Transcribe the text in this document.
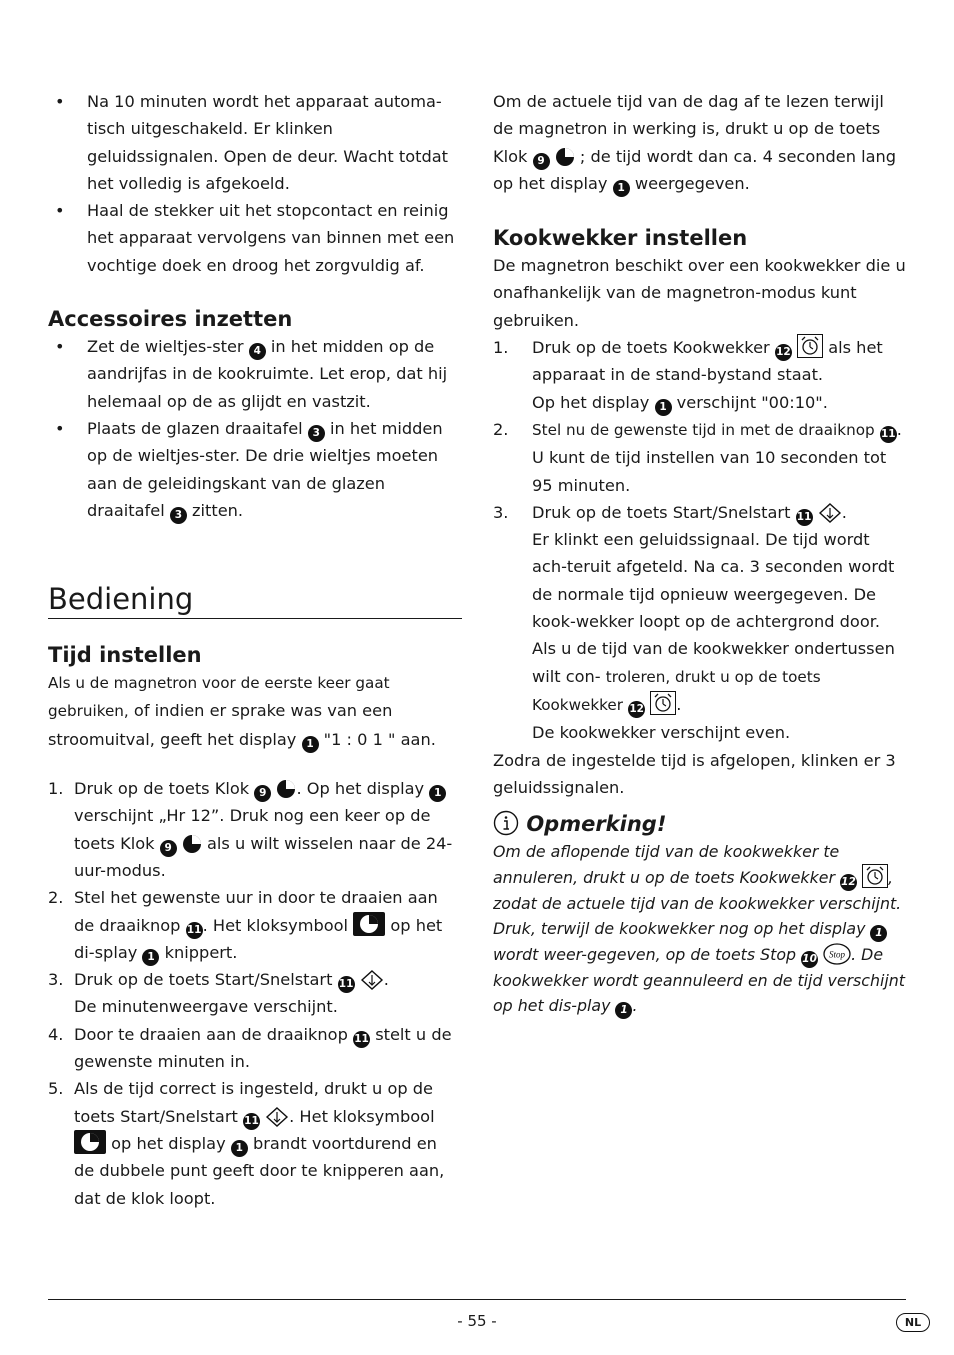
• Na 10 minuten wordt het apparaat automa-tisch uitgeschakeld. Er klinken geluidssignalen. Open de deur. Wacht totdat het volledig is afgekoeld.

• Haal de stekker uit het stopcontact en reinig het apparaat vervolgens van binnen met een vochtige doek en droog het zorgvuldig af.

Accessoires inzetten

• Zet de wieltjes-ster 4 in het midden op de aandrijfas in de kookruimte. Let erop, dat hij helemaal op de as glijdt en vastzit.

• Plaats de glazen draaitafel 3 in het midden op de wieltjes-ster. De drie wieltjes moeten aan de geleidingskant van de glazen draaitafel 3 zitten.

Bediening
Tijd instellen

Als u de magnetron voor de eerste keer gaat gebruiken, of indien er sprake was van een stroomuitval, geeft het display 1 "1 : 0 1 " aan.

1. Druk op de toets Klok 9 . Op het display 1 verschijnt „Hr 12”. Druk nog een keer op de toets Klok 9 als u wilt wisselen naar de 24-uur-modus.

2. Stel het gewenste uur in door te draaien aan de draaiknop 11. Het kloksymbool	op het di-splay 1 knippert.

3. Druk op de toets Start/Snelstart 11 .
De minutenweergave verschijnt.

4. Door te draaien aan de draaiknop 11 stelt u de gewenste minuten in.

5. Als de tijd correct is ingesteld, drukt u op de toets Start/Snelstart 11 . Het kloksymbool
op het display 1 brandt voortdurend en de dubbele punt geeft door te knipperen aan, dat de klok loopt.

Om de actuele tijd van de dag af te lezen terwijl de magnetron in werking is, drukt u op de toets Klok 9 ; de tijd wordt dan ca. 4 seconden lang op het display 1 weergegeven.

Kookwekker instellen

De magnetron beschikt over een kookwekker die u onafhankelijk van de magnetron-modus kunt gebruiken.

1. Druk op de toets Kookwekker 12 als het apparaat in de stand-bystand staat.
Op het display 1 verschijnt "00:10".

2. Stel nu de gewenste tijd in met de draaiknop 11.
U kunt de tijd instellen van 10 seconden tot 95 minuten.

3. Druk op de toets Start/Snelstart 11 .
Er klinkt een geluidssignaal. De tijd wordt ach-teruit afgeteld. Na ca. 3 seconden wordt de normale tijd opnieuw weergegeven. De kook-wekker loopt op de achtergrond door. Als u de tijd van de kookwekker ondertussen wilt con- troleren, drukt u op de toets Kookwekker 12 .
De kookwekker verschijnt even.

Zodra de ingestelde tijd is afgelopen, klinken er 3 geluidssignalen.

Opmerking!

Om de aflopende tijd van de kookwekker te annuleren, drukt u op de toets Kookwekker 12 , zodat de actuele tijd van de kookwekker verschijnt. Druk, terwijl de kookwekker nog op het display 1 wordt weer-gegeven, op de toets Stop 10 Stop . De kookwekker wordt geannuleerd en de tijd verschijnt op het dis-play 1 .

- 55 -	NL
